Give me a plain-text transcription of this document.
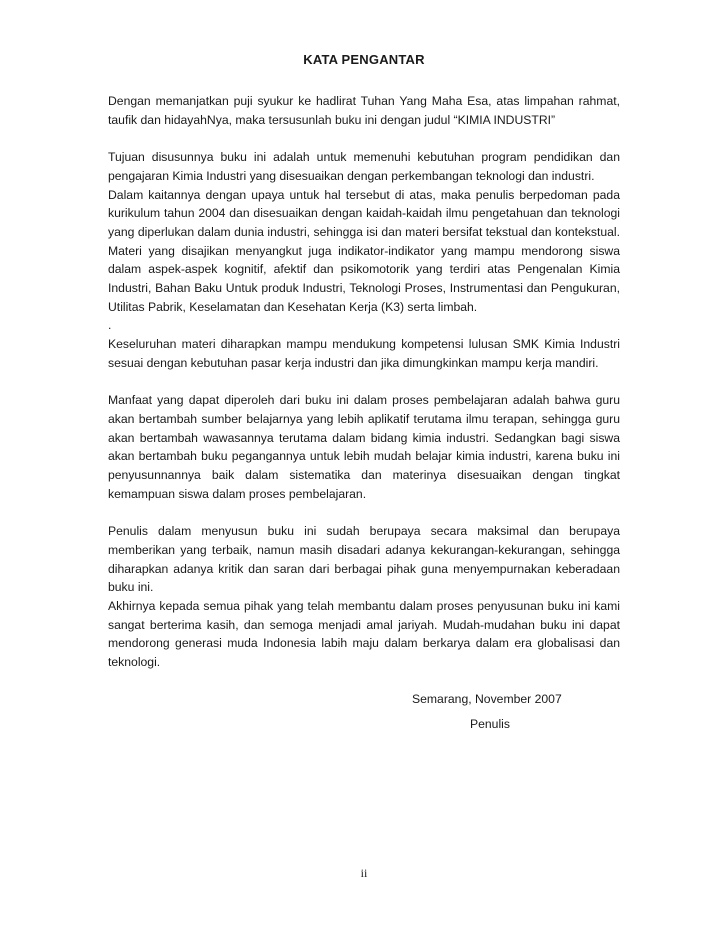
KATA PENGANTAR

Dengan memanjatkan puji syukur ke hadlirat Tuhan Yang Maha Esa, atas limpahan rahmat, taufik dan hidayahNya, maka tersusunlah buku ini dengan judul “KIMIA INDUSTRI”

Tujuan disusunnya buku ini adalah untuk memenuhi kebutuhan program pendidikan dan pengajaran Kimia Industri yang disesuaikan dengan perkembangan teknologi dan industri.

Dalam kaitannya dengan upaya untuk hal tersebut di atas, maka penulis berpedoman pada kurikulum tahun 2004 dan disesuaikan dengan kaidah-kaidah ilmu pengetahuan dan teknologi yang diperlukan dalam dunia industri, sehingga isi dan materi bersifat tekstual dan kontekstual. Materi yang disajikan menyangkut juga indikator-indikator yang mampu mendorong siswa dalam aspek-aspek kognitif, afektif dan psikomotorik yang terdiri atas Pengenalan Kimia Industri, Bahan Baku Untuk produk Industri, Teknologi Proses, Instrumentasi dan Pengukuran, Utilitas Pabrik, Keselamatan dan Kesehatan Kerja (K3) serta limbah.

.

Keseluruhan materi diharapkan mampu mendukung kompetensi lulusan SMK Kimia Industri sesuai dengan kebutuhan pasar kerja industri dan jika dimungkinkan mampu kerja mandiri.

Manfaat yang dapat diperoleh dari buku ini dalam proses pembelajaran adalah bahwa guru akan bertambah sumber belajarnya yang lebih aplikatif terutama ilmu terapan, sehingga guru akan bertambah wawasannya terutama dalam bidang kimia industri. Sedangkan bagi siswa akan bertambah buku pegangannya untuk lebih mudah belajar kimia industri, karena buku ini penyusunnannya baik dalam sistematika dan materinya disesuaikan dengan tingkat kemampuan siswa dalam proses pembelajaran.

Penulis dalam menyusun buku ini sudah berupaya secara maksimal dan berupaya memberikan yang terbaik, namun masih disadari adanya kekurangan-kekurangan, sehingga diharapkan adanya kritik dan saran dari berbagai pihak guna menyempurnakan keberadaan buku ini.

Akhirnya kepada semua pihak yang telah membantu dalam proses penyusunan buku ini kami sangat berterima kasih, dan semoga menjadi amal jariyah. Mudah-mudahan buku ini dapat mendorong generasi muda Indonesia labih maju dalam berkarya dalam era globalisasi dan teknologi.

Semarang, November 2007
Penulis
ii
